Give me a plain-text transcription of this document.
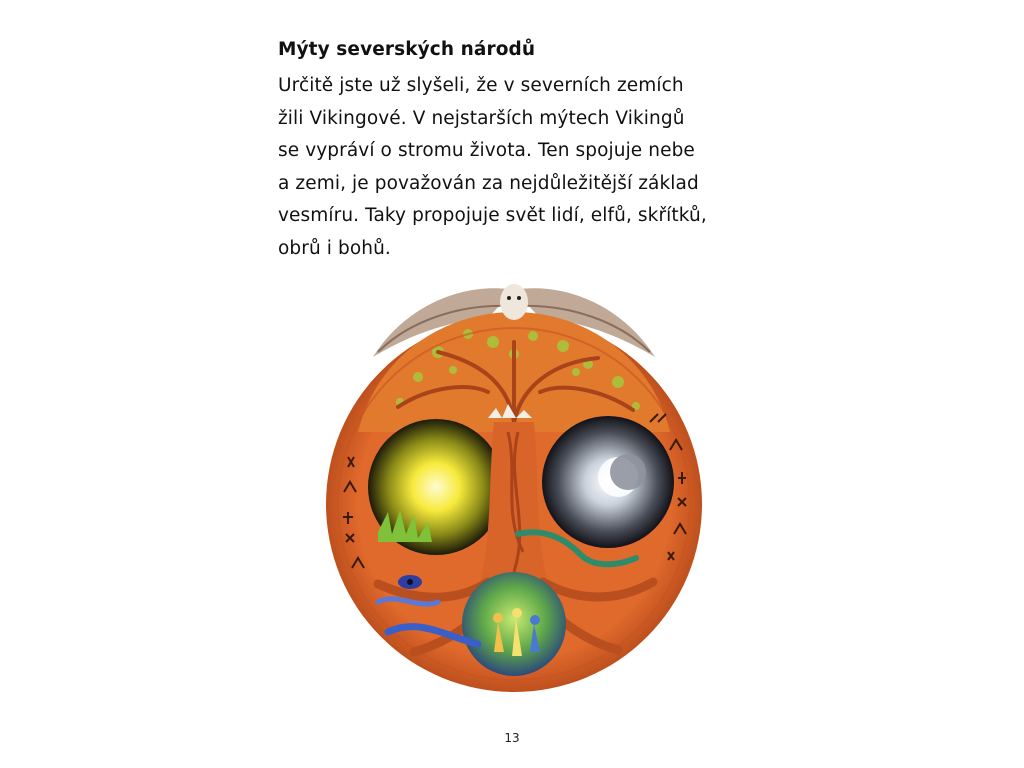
Mýty severských národů
Určitě jste už slyšeli, že v severních zemích
žili Vikingové. V nejstarších mýtech Vikingů
se vypráví o stromu života. Ten spojuje nebe
a zemi, je považován za nejdůležitější základ
vesmíru. Taky propojuje svět lidí, elfů, skřítků,
obrů i bohů.
13
